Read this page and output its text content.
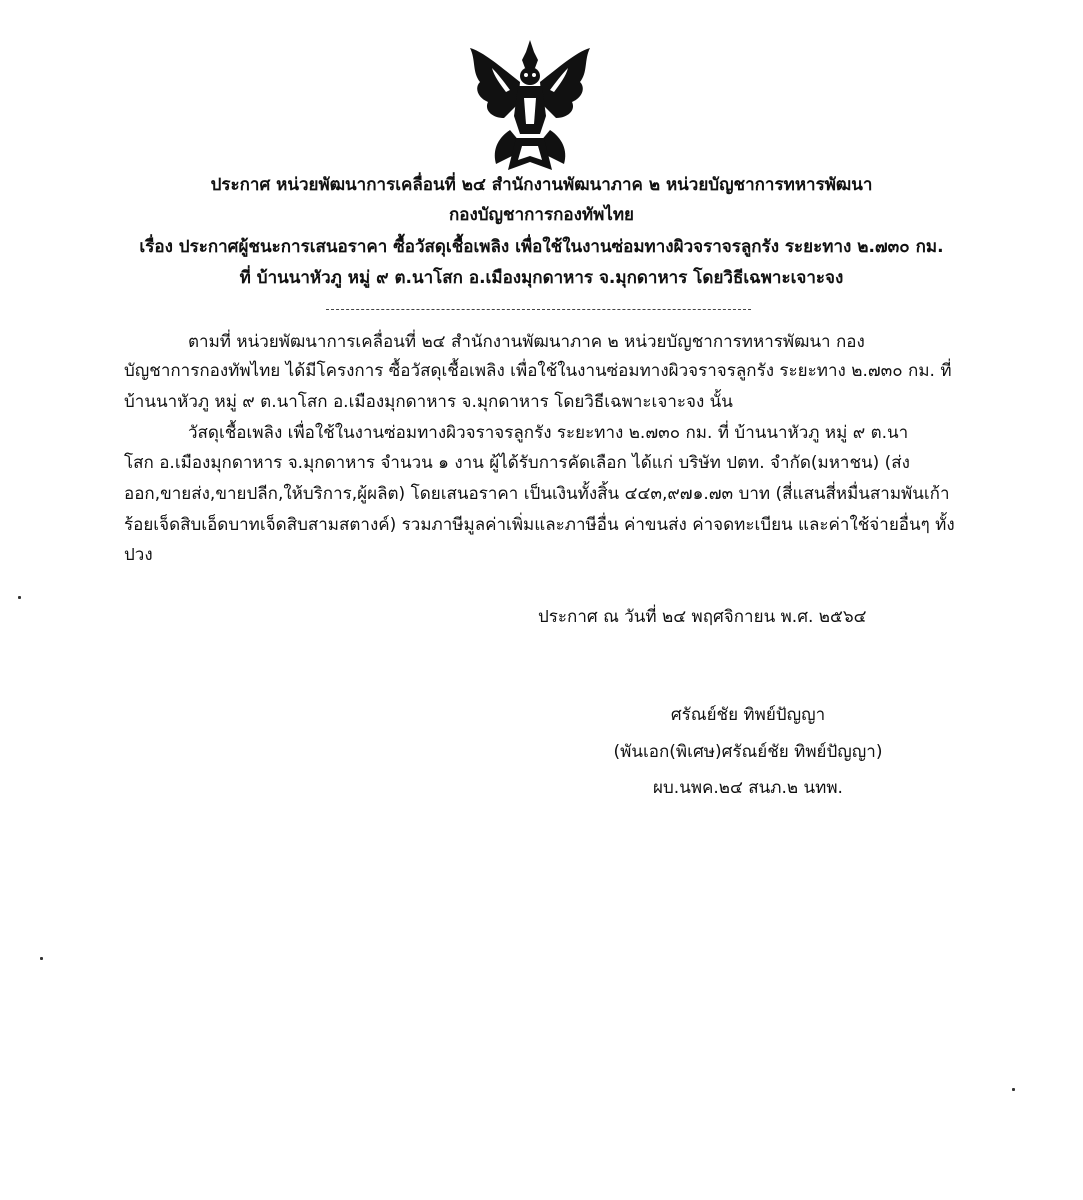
ประกาศ หน่วยพัฒนาการเคลื่อนที่ ๒๔ สำนักงานพัฒนาภาค ๒ หน่วยบัญชาการทหารพัฒนา
กองบัญชาการกองทัพไทย
เรื่อง ประกาศผู้ชนะการเสนอราคา ซื้อวัสดุเชื้อเพลิง เพื่อใช้ในงานซ่อมทางผิวจราจรลูกรัง ระยะทาง ๒.๗๓๐ กม.
ที่ บ้านนาหัวภู หมู่ ๙ ต.นาโสก อ.เมืองมุกดาหาร จ.มุกดาหาร โดยวิธีเฉพาะเจาะจง
ตามที่ หน่วยพัฒนาการเคลื่อนที่ ๒๔ สำนักงานพัฒนาภาค ๒ หน่วยบัญชาการทหารพัฒนา กอง
บัญชาการกองทัพไทย ได้มีโครงการ ซื้อวัสดุเชื้อเพลิง เพื่อใช้ในงานซ่อมทางผิวจราจรลูกรัง ระยะทาง ๒.๗๓๐ กม. ที่
บ้านนาหัวภู หมู่ ๙ ต.นาโสก อ.เมืองมุกดาหาร จ.มุกดาหาร โดยวิธีเฉพาะเจาะจง นั้น
วัสดุเชื้อเพลิง เพื่อใช้ในงานซ่อมทางผิวจราจรลูกรัง ระยะทาง ๒.๗๓๐ กม. ที่ บ้านนาหัวภู หมู่ ๙ ต.นา
โสก อ.เมืองมุกดาหาร จ.มุกดาหาร จำนวน ๑ งาน ผู้ได้รับการคัดเลือก ได้แก่ บริษัท ปตท. จำกัด(มหาชน) (ส่ง
ออก,ขายส่ง,ขายปลีก,ให้บริการ,ผู้ผลิต) โดยเสนอราคา เป็นเงินทั้งสิ้น ๔๔๓,๙๗๑.๗๓ บาท (สี่แสนสี่หมื่นสามพันเก้า
ร้อยเจ็ดสิบเอ็ดบาทเจ็ดสิบสามสตางค์) รวมภาษีมูลค่าเพิ่มและภาษีอื่น ค่าขนส่ง ค่าจดทะเบียน และค่าใช้จ่ายอื่นๆ ทั้ง
ปวง
ประกาศ ณ วันที่ ๒๔ พฤศจิกายน พ.ศ. ๒๕๖๔
ศรัณย์ชัย ทิพย์ปัญญา
(พันเอก(พิเศษ)ศรัณย์ชัย ทิพย์ปัญญา)
ผบ.นพค.๒๔ สนภ.๒ นทพ.
